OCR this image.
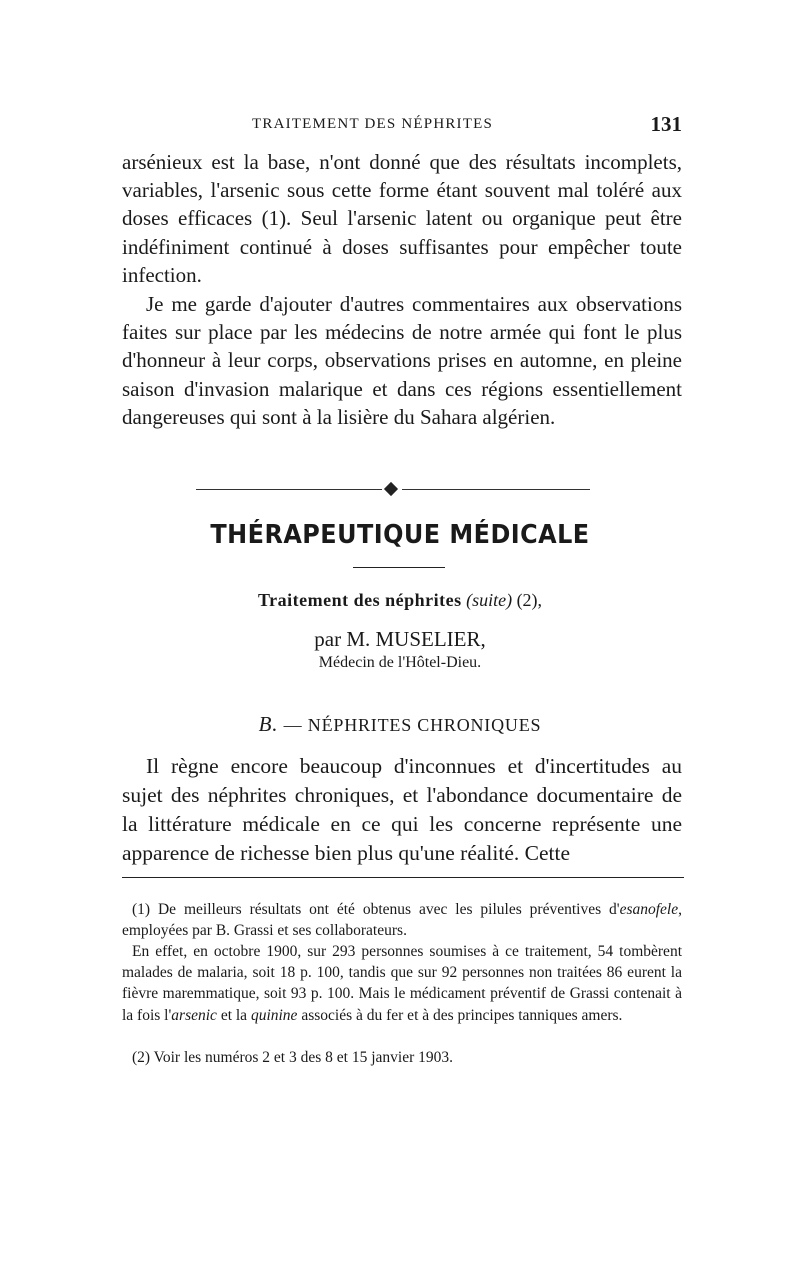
TRAITEMENT DES NÉPHRITES	131

arsénieux est la base, n'ont donné que des résultats incomplets, variables, l'arsenic sous cette forme étant souvent mal toléré aux doses efficaces (1). Seul l'arsenic latent ou organique peut être indéfiniment continué à doses suffisantes pour empêcher toute infection.

Je me garde d'ajouter d'autres commentaires aux observations faites sur place par les médecins de notre armée qui font le plus d'honneur à leur corps, observations prises en automne, en pleine saison d'invasion malarique et dans ces régions essentiellement dangereuses qui sont à la lisière du Sahara algérien.

THÉRAPEUTIQUE MÉDICALE
Traitement des néphrites (suite) (2),
par M. MUSELIER,
Médecin de l'Hôtel-Dieu.
B. — NÉPHRITES CHRONIQUES

Il règne encore beaucoup d'inconnues et d'incertitudes au sujet des néphrites chroniques, et l'abondance documentaire de la littérature médicale en ce qui les concerne représente une apparence de richesse bien plus qu'une réalité. Cette

(1) De meilleurs résultats ont été obtenus avec les pilules préventives d'esanofele, employées par B. Grassi et ses collaborateurs.

En effet, en octobre 1900, sur 293 personnes soumises à ce traitement, 54 tombèrent malades de malaria, soit 18 p. 100, tandis que sur 92 personnes non traitées 86 eurent la fièvre maremmatique, soit 93 p. 100. Mais le médicament préventif de Grassi contenait à la fois l'arsenic et la quinine associés à du fer et à des principes tanniques amers.

(2) Voir les numéros 2 et 3 des 8 et 15 janvier 1903.
